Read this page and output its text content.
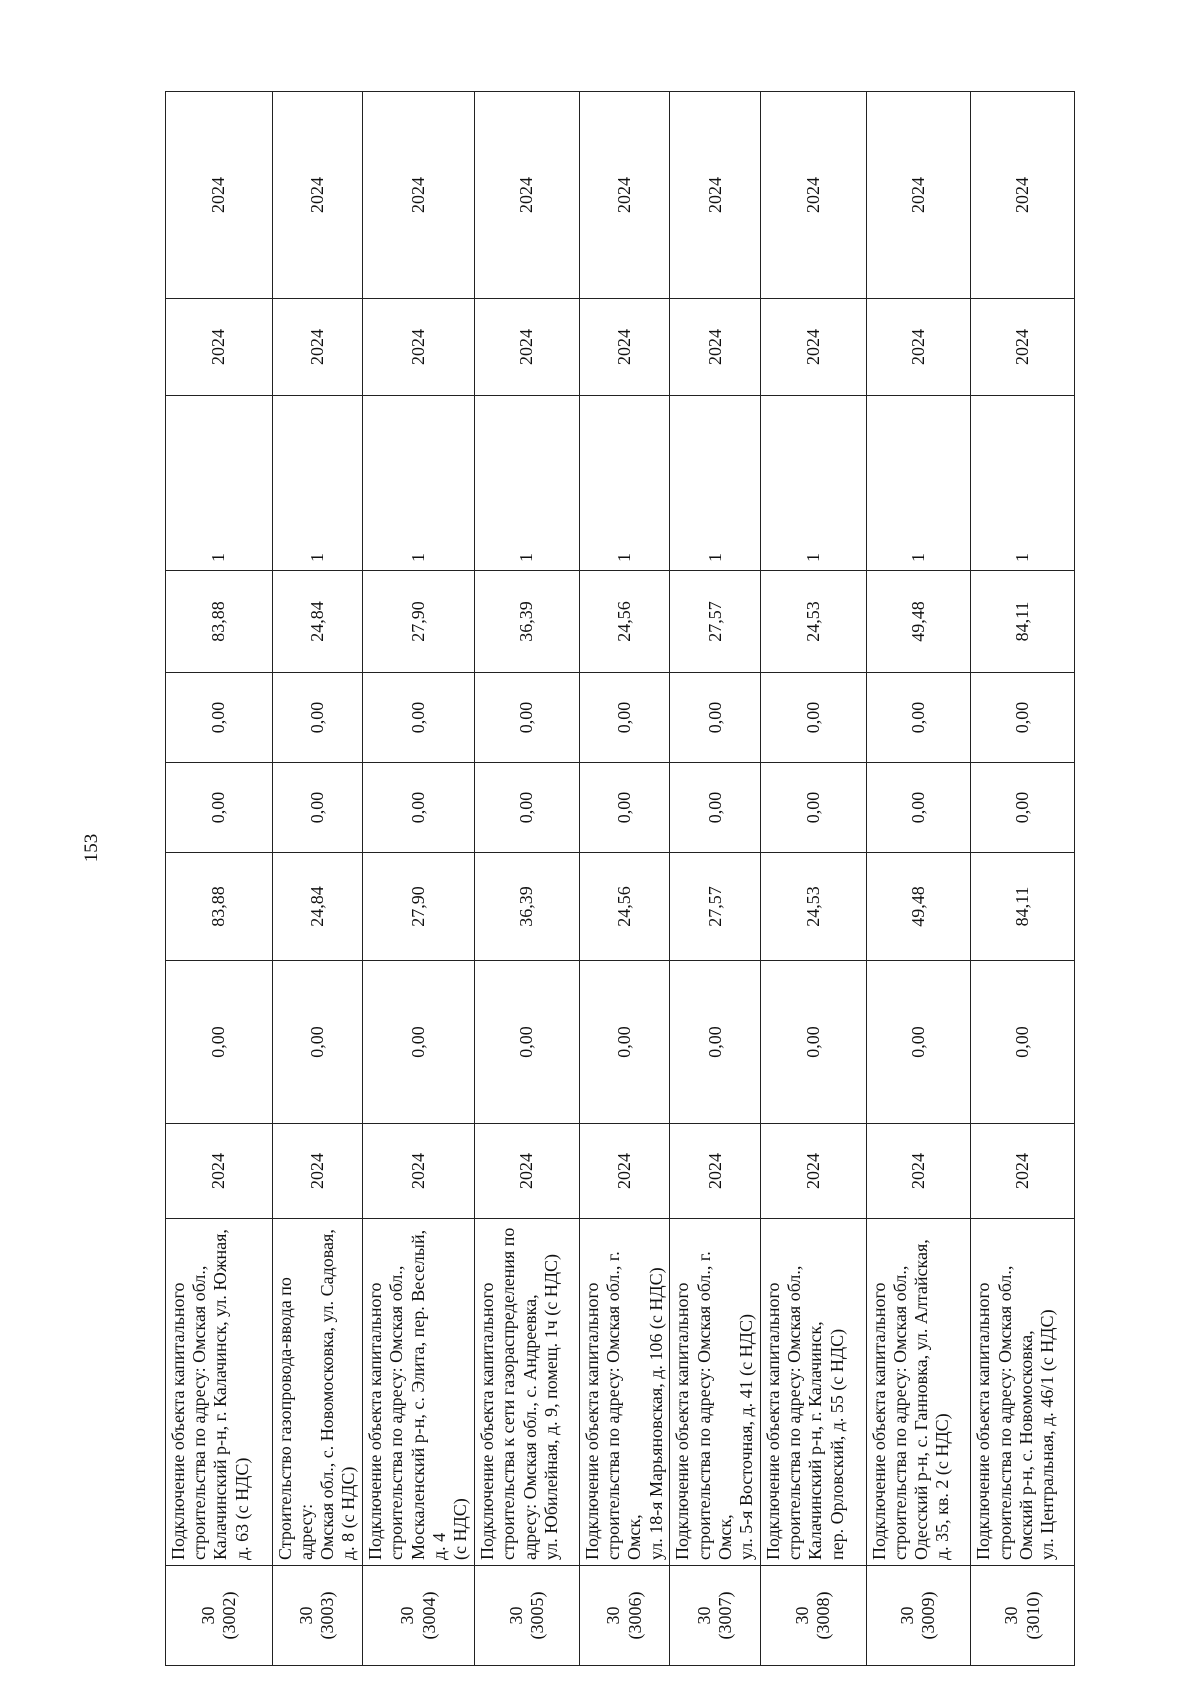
153
30 (3002)	Подключение объекта капитального строительства по адресу: Омская обл., Калачинский р-н, г. Калачинск, ул. Южная, д. 63 (с НДС)	2024	0,00	83,88	0,00	0,00	83,88	1	2024	2024

30 (3003)	Строительство газопровода-ввода по адресу: Омская обл., с. Новомосковка, ул. Садовая, д. 8 (с НДС)	2024	0,00	24,84	0,00	0,00	24,84	1	2024	2024

30 (3004)	Подключение объекта капитального строительства по адресу: Омская обл., Москаленский р-н, с. Элита, пер. Веселый, д. 4 (с НДС)	2024	0,00	27,90	0,00	0,00	27,90	1	2024	2024

30 (3005)	Подключение объекта капитального строительства к сети газораспределения по адресу: Омская обл., с. Андреевка, ул. Юбилейная, д. 9, помещ. 1ч (с НДС)	2024	0,00	36,39	0,00	0,00	36,39	1	2024	2024

30 (3006)	Подключение объекта капитального строительства по адресу: Омская обл., г. Омск, ул. 18-я Марьяновская, д. 106 (с НДС)	2024	0,00	24,56	0,00	0,00	24,56	1	2024	2024

30 (3007)	Подключение объекта капитального строительства по адресу: Омская обл., г. Омск, ул. 5-я Восточная, д. 41 (с НДС)	2024	0,00	27,57	0,00	0,00	27,57	1	2024	2024

30 (3008)	Подключение объекта капитального строительства по адресу: Омская обл., Калачинский р-н, г. Калачинск, пер. Орловский, д. 55 (с НДС)	2024	0,00	24,53	0,00	0,00	24,53	1	2024	2024

30 (3009)	Подключение объекта капитального строительства по адресу: Омская обл., Одесский р-н, с. Ганновка, ул. Алтайская, д. 35, кв. 2 (с НДС)	2024	0,00	49,48	0,00	0,00	49,48	1	2024	2024

30 (3010)	Подключение объекта капитального строительства по адресу: Омская обл., Омский р-н, с. Новомосковка, ул. Центральная, д. 46/1 (с НДС)	2024	0,00	84,11	0,00	0,00	84,11	1	2024	2024
